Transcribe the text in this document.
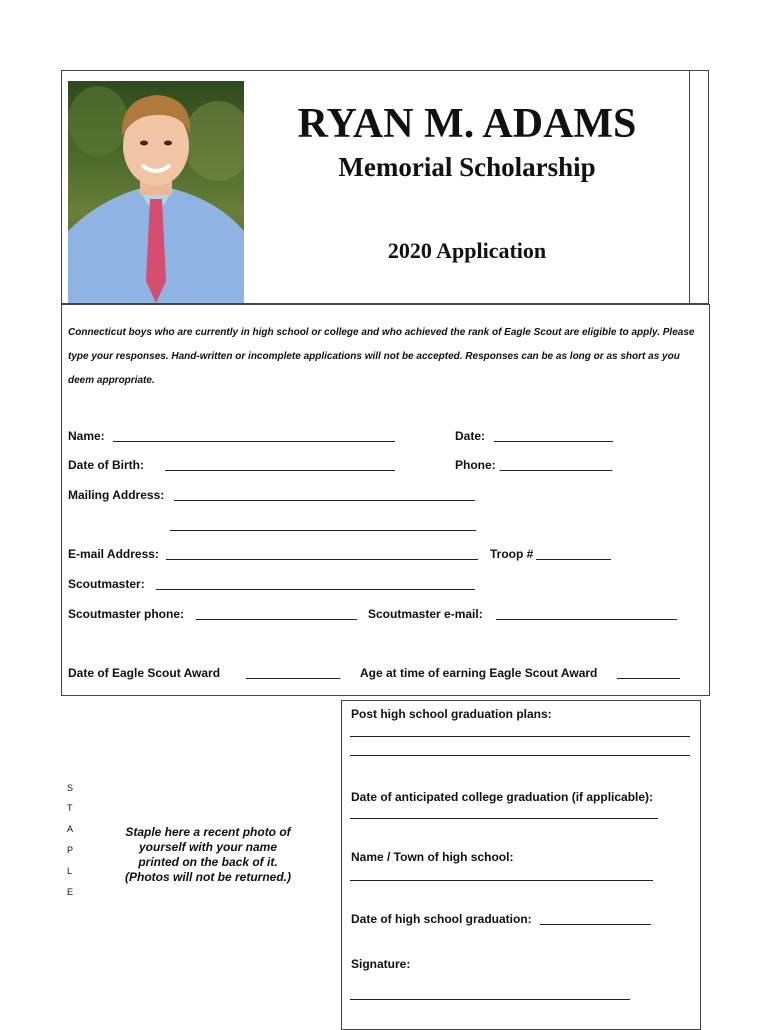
RYAN M. ADAMS
Memorial Scholarship
2020 Application
Connecticut boys who are currently in high school or college and who achieved the rank of Eagle Scout are eligible to apply. Please
type your responses. Hand-written or incomplete applications will not be accepted. Responses can be as long or as short as you
deem appropriate.
Name:	Date:
Date of Birth:	Phone:
Mailing Address:
E-mail Address:	Troop #
Scoutmaster:
Scoutmaster phone:	Scoutmaster e-mail:
Date of Eagle Scout Award	Age at time of earning Eagle Scout Award
S
T
A
P
L
E
Staple here a recent photo of
yourself with your name
printed on the back of it.
(Photos will not be returned.)
Post high school graduation plans:
Date of anticipated college graduation (if applicable):
Name / Town of high school:
Date of high school graduation:
Signature:
